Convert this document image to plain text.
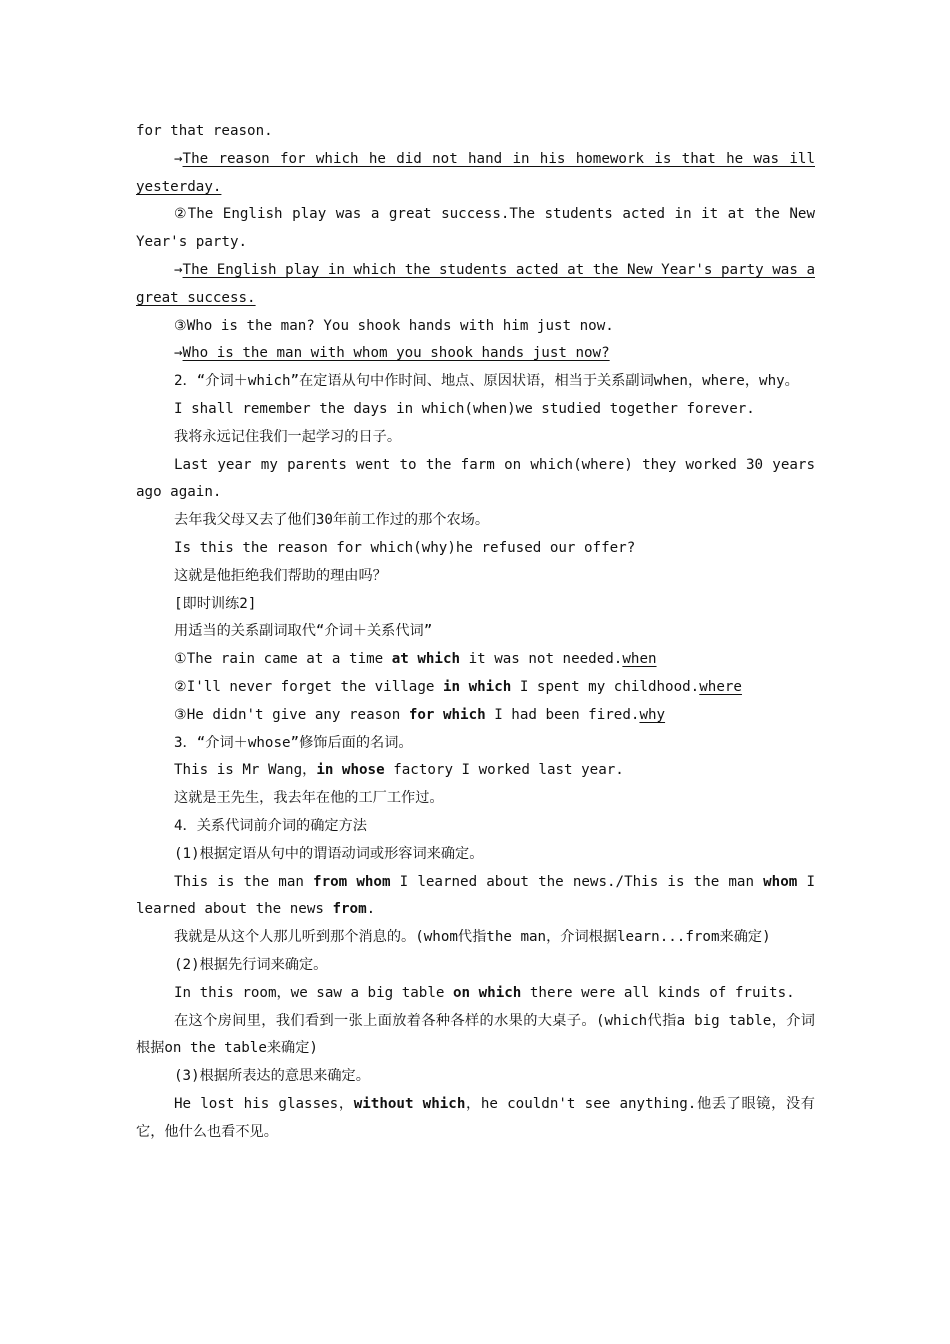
for that reason.

→The reason for which he did not hand in his homework is that he was ill yesterday.

②The English play was a great success.The students acted in it at the New Year's party.

→The English play in which the students acted at the New Year's party was a great success.

③Who is the man? You shook hands with him just now.

→Who is the man with whom you shook hands just now?

2．“介词＋which”在定语从句中作时间、地点、原因状语，相当于关系副词when，where，why。

I shall remember the days in which(when)we studied together forever.

我将永远记住我们一起学习的日子。

Last year my parents went to the farm on which(where) they worked 30 years ago again.

去年我父母又去了他们30年前工作过的那个农场。

Is this the reason for which(why)he refused our offer?

这就是他拒绝我们帮助的理由吗？

[即时训练2]

用适当的关系副词取代“介词＋关系代词”

①The rain came at a time at which it was not needed.when

②I'll never forget the village in which I spent my childhood.where

③He didn't give any reason for which I had been fired.why

3．“介词＋whose”修饰后面的名词。

This is Mr Wang，in whose factory I worked last year.

这就是王先生，我去年在他的工厂工作过。

4．关系代词前介词的确定方法

(1)根据定语从句中的谓语动词或形容词来确定。

This is the man from whom I learned about the news./This is the man whom I learned about the news from.

我就是从这个人那儿听到那个消息的。(whom代指the man，介词根据learn...from来确定)

(2)根据先行词来确定。

In this room，we saw a big table on which there were all kinds of fruits.

在这个房间里，我们看到一张上面放着各种各样的水果的大桌子。(which代指a big table，介词根据on the table来确定)

(3)根据所表达的意思来确定。

He lost his glasses，without which，he couldn't see anything.他丢了眼镜，没有它，他什么也看不见。
